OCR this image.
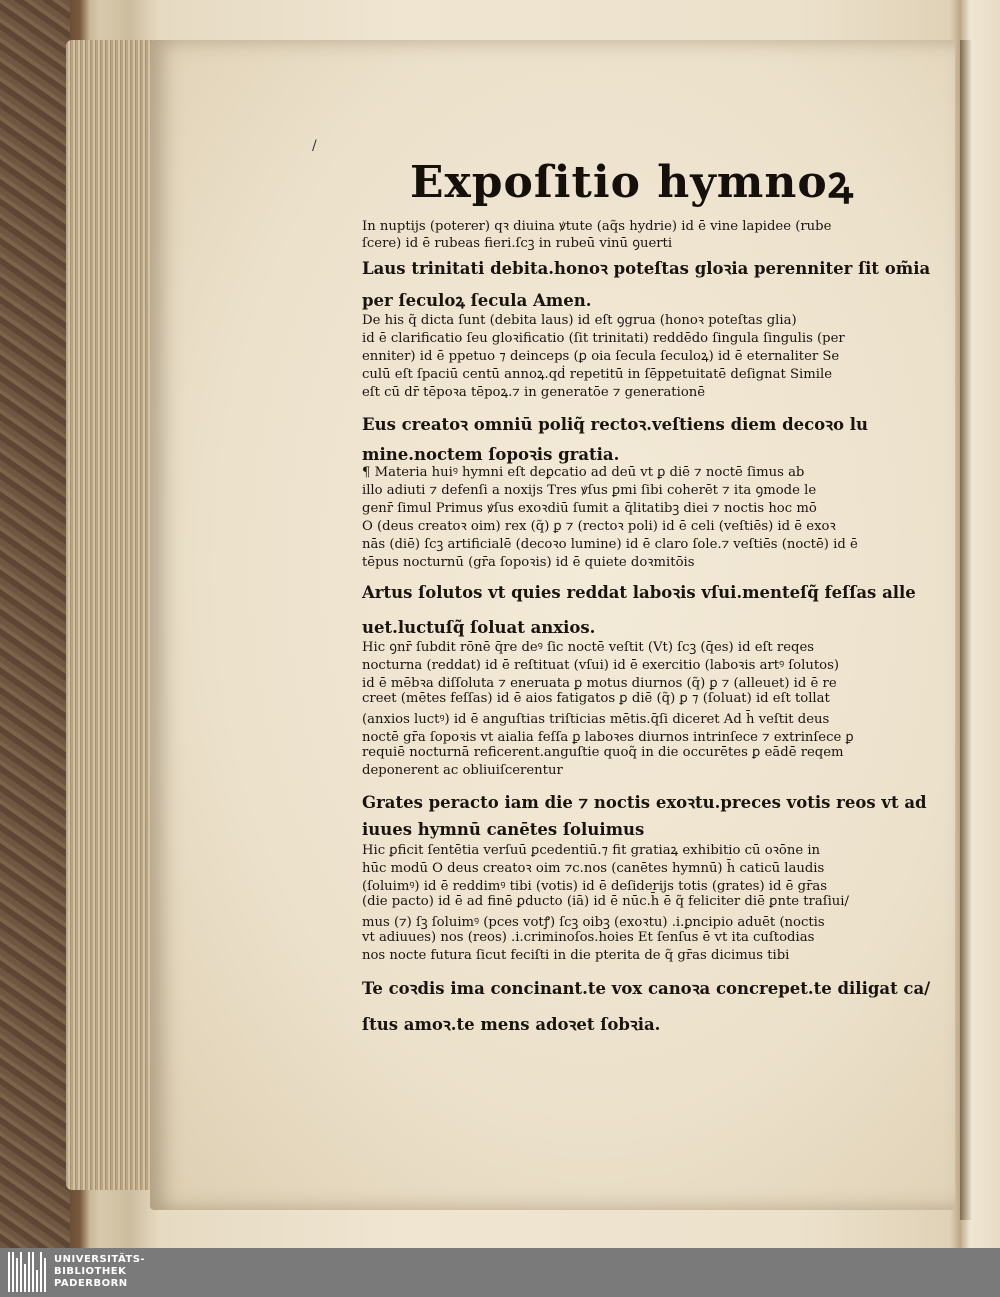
/
Expoſitio hymnoꝝ
In nuptijs (poterer) qꝛ diuina ꝟtute (aq̃s hydrie) id ē vine lapidee (rube
ſcere) id ē rubeas fieri.ſcꝫ in rubeū vinū ꝯuerti
Laus trinitati debita.honoꝛ poteſtas gloꝛia perenniter ſit om̃ia
per ſeculoꝝ ſecula Amen.
De his q̃ dicta ſunt (debita laus) id eſt ꝯgrua (honoꝛ poteſtas glia)
id ē clarificatio ſeu gloꝛificatio (ſit trinitati) reddēdo ſingula ſingulis (per
enniter) id ē ppetuo ⁊ deinceps (ꝑ oia ſecula ſeculoꝝ) id ē eternaliter Se
culū eſt ſpaciū centū annoꝝ.qḋ repetitū in ſēppetuitatē deſignat Simile
eſt cū dr̄ tēpoꝛa tēpoꝝ.⁊ in generatōe ⁊ generationē
Eus creatoꝛ omniū poliq̃ rectoꝛ.veſtiens diem decoꝛo lu
mine.noctem ſopoꝛis gratia.
¶ Materia huiꝰ hymni eſt deꝑcatio ad deū vt ꝑ diē ⁊ noctē ſimus ab
illo adiuti ⁊ defenſi a noxijs Tres ꝟſus ꝑmi ſibi coherēt ⁊ ita ꝯmode le
genr̄ ſimul Primus ꝟſus exoꝛdiū ſumit a q̄litatibꝫ diei ⁊ noctis hoc mō
O (deus creatoꝛ oim) rex (q̃) ꝑ ⁊ (rectoꝛ poli) id ē celi (veſtiēs) id ē exoꝛ
nās (diē) ſcꝫ artificialē (decoꝛo lumine) id ē claro ſole.⁊ veſtiēs (noctē) id ē
tēpus nocturnū (gr̄a ſopoꝛis) id ē quiete doꝛmitōis
Artus ſolutos vt quies reddat laboꝛis vſui.menteſq̃ feſſas alle
uet.luctuſq̃ ſoluat anxios.
Hic ꝯnr̄ ſubdit rōnē q̄re deꝰ ſic noctē veſtit (Vt) ſcꝫ (q̄es) id eſt reqes
nocturna (reddat) id ē reſtituat (vſui) id ē exercitio (laboꝛis artꝰ ſolutos)
id ē mēbꝛa diſſoluta ⁊ eneruata ꝑ motus diurnos (q̃) ꝑ ⁊ (alleuet) id ē re
creet (mētes feſſas) id ē aios fatigatos ꝑ diē (q̃) ꝑ ⁊ (ſoluat) id eſt tollat
(anxios luctꝰ) id ē anguſtias triſticias mētis.q̄ſi diceret Ad h̄ veſtit deus
noctē gr̄a ſopoꝛis vt aialia feſſa ꝑ laboꝛes diurnos intrinſece ⁊ extrinſece ꝑ
requiē nocturnā reficerent.anguſtie quoq̃ in die occurētes ꝑ eādē reqem
deponerent ac obliuiſcerentur
Grates peracto iam die ⁊ noctis exoꝛtu.preces votis reos vt ad
iuues hymnū canētes ſoluimus
Hic ꝑficit ſentētia verſuū ꝑcedentiū.⁊ fit gratiaꝝ exhibitio cū oꝛōne in
hūc modū O deus creatoꝛ oim ⁊c.nos (canētes hymnū) h̄ caticū laudis
(ſoluimꝰ) id ē reddimꝰ tibi (votis) id ē deſiderijs totis (grates) id ē gr̄as
(die pacto) id ē ad finē ꝑducto (iā) id ē nūc.h̄ ē q̃ feliciter diē ꝑnte traſiui/
mus (⁊) ſꝫ ſoluimꝰ (pces votꝭ) ſcꝫ oibꝫ (exoꝛtu) .i.ꝑncipio aduēt (noctis
vt adiuues) nos (reos) .i.criminoſos.hoies Et ſenſus ē vt ita cuſtodias
nos nocte futura ſicut feciſti in die pterita de q̃ gr̄as dicimus tibi
Te coꝛdis ima concinant.te vox canoꝛa concrepet.te diligat ca/
ſtus amoꝛ.te mens adoꝛet ſobꝛia.
UNIVERSITÄTS-
BIBLIOTHEK
PADERBORN
